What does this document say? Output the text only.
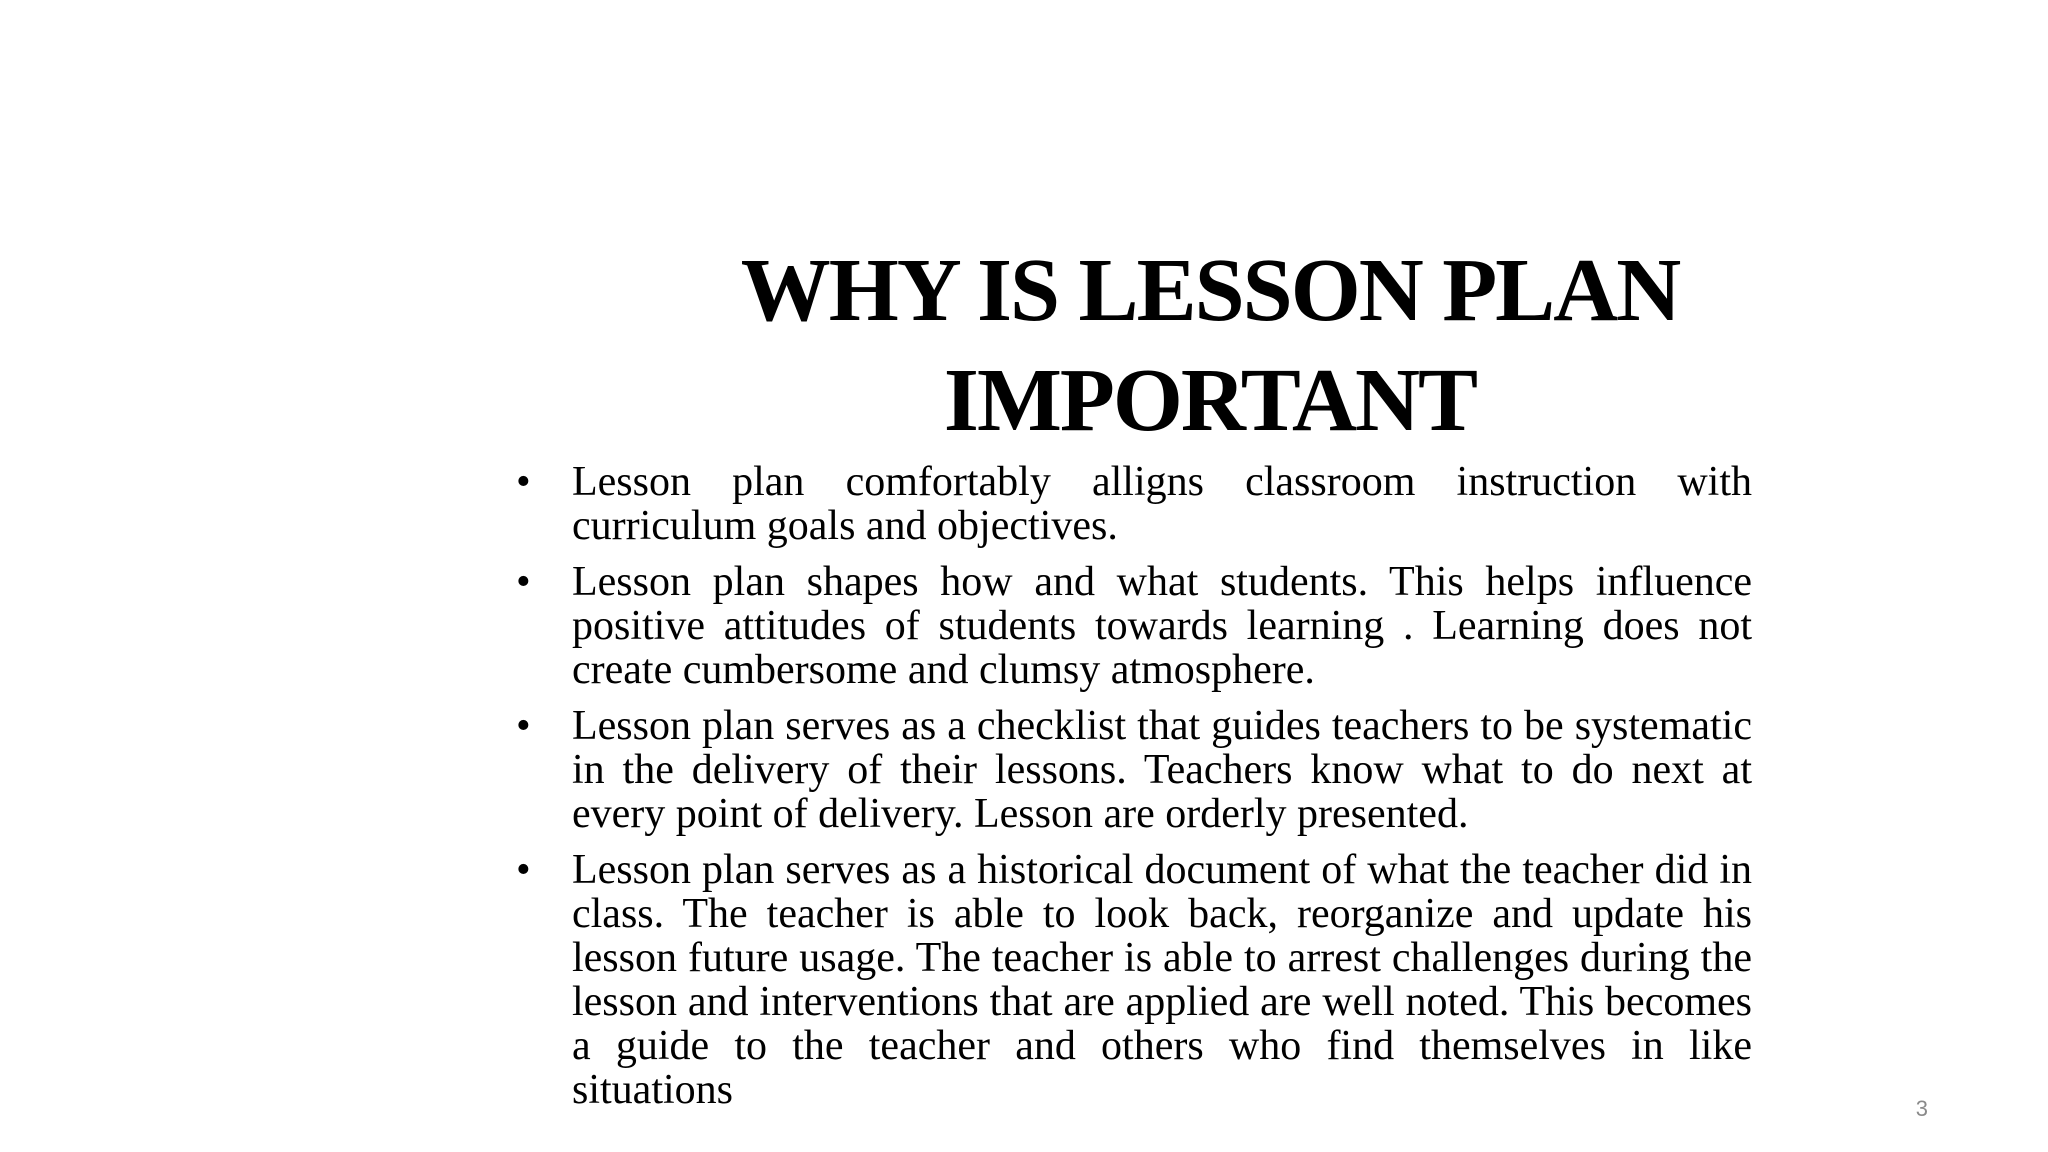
WHY IS LESSON PLAN
IMPORTANT
• Lesson plan comfortably alligns classroom instruction with curriculum goals and objectives.
• Lesson plan shapes how and what students. This helps influence positive attitudes of students towards learning . Learning does not create cumbersome and clumsy atmosphere.
• Lesson plan serves as a checklist that guides teachers to be systematic in the delivery of their lessons. Teachers know what to do next at every point of delivery. Lesson are orderly presented.
• Lesson plan serves as a historical document of what the teacher did in class. The teacher is able to look back, reorganize and update his lesson future usage. The teacher is able to arrest challenges during the lesson and interventions that are applied are well noted. This becomes a guide to the teacher and others who find themselves in like situations	3
